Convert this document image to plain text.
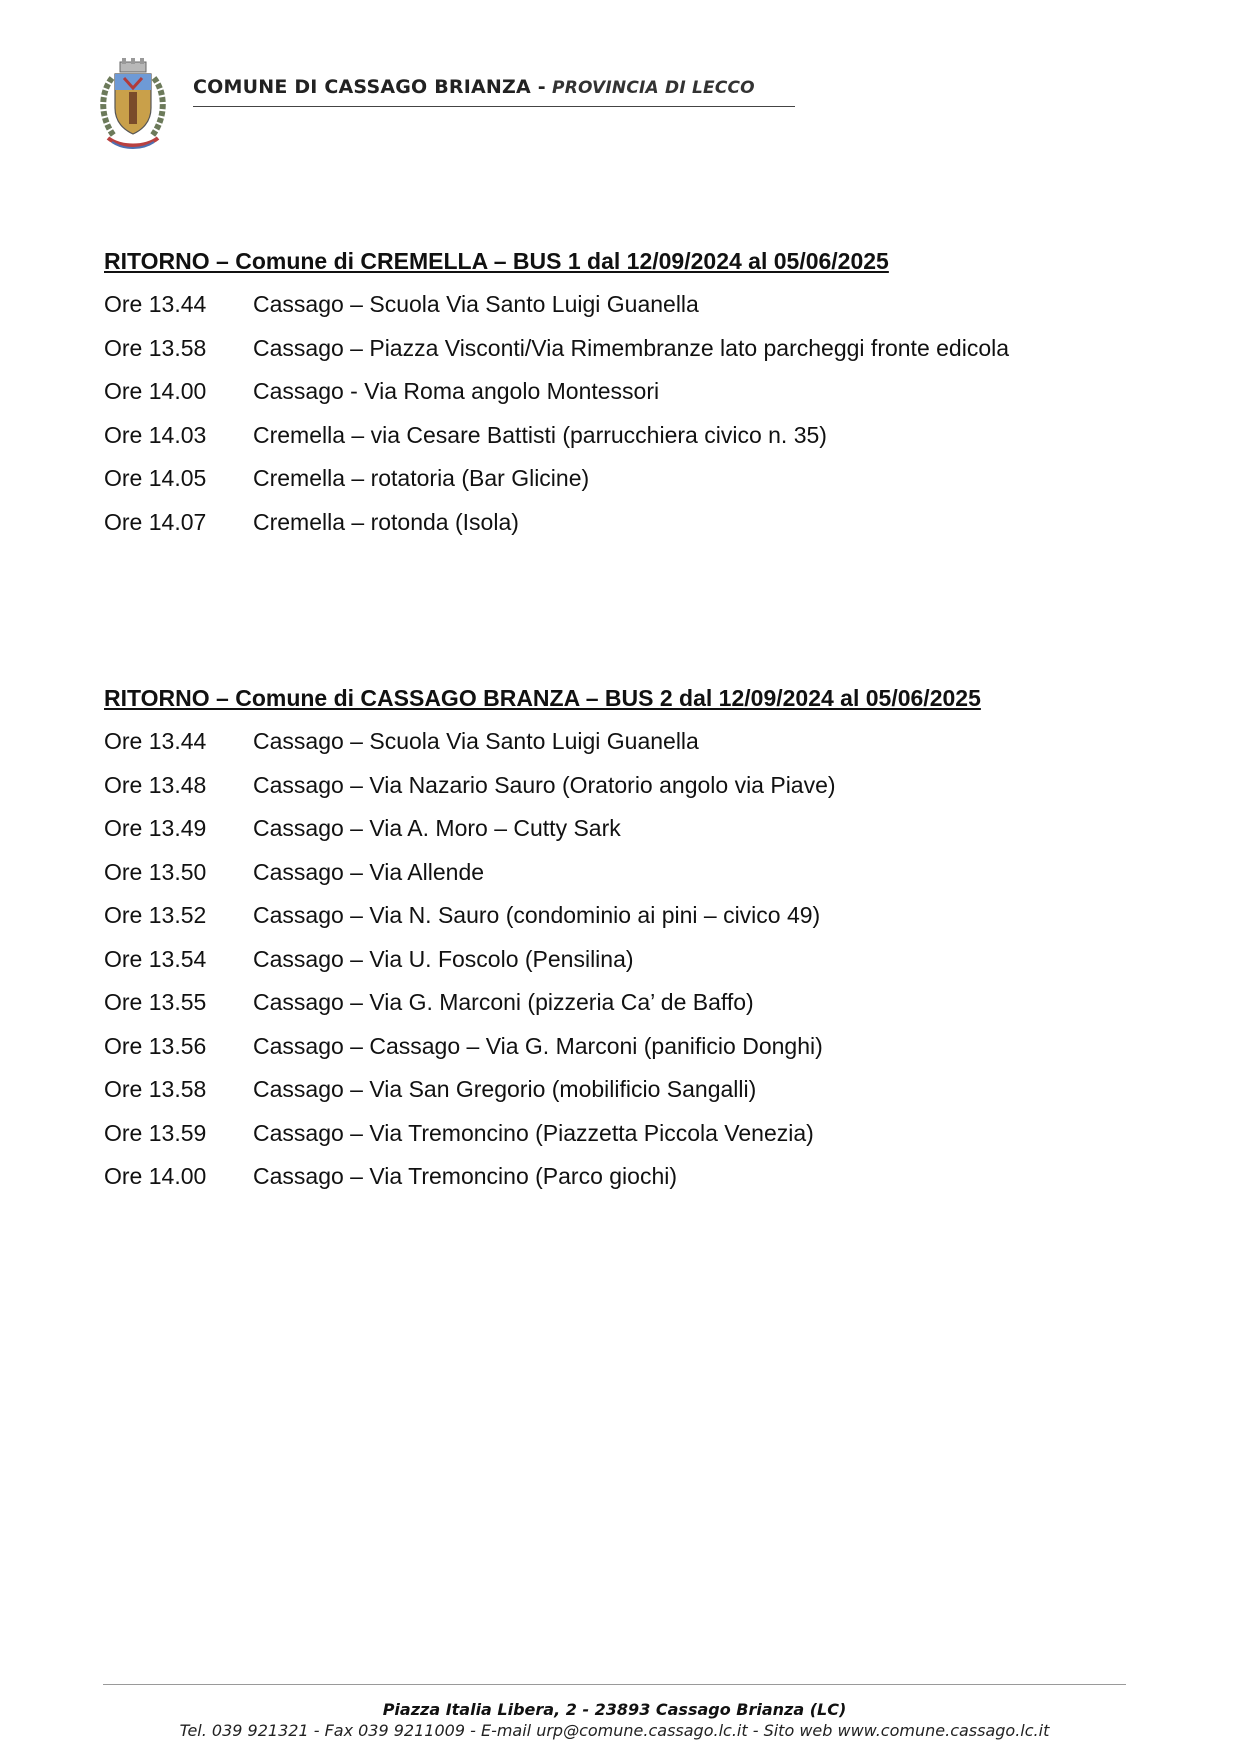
COMUNE DI CASSAGO BRIANZA - PROVINCIA DI LECCO
RITORNO – Comune di CREMELLA – BUS 1 dal 12/09/2024 al 05/06/2025
Ore 13.44	Cassago – Scuola Via Santo Luigi Guanella
Ore 13.58	Cassago – Piazza Visconti/Via Rimembranze lato parcheggi fronte edicola
Ore 14.00	Cassago - Via Roma angolo Montessori
Ore 14.03	Cremella – via Cesare Battisti (parrucchiera civico n. 35)
Ore 14.05	Cremella – rotatoria (Bar Glicine)
Ore 14.07	Cremella – rotonda (Isola)
RITORNO – Comune di CASSAGO BRANZA – BUS 2 dal 12/09/2024 al 05/06/2025
Ore 13.44	Cassago – Scuola Via Santo Luigi Guanella
Ore 13.48	Cassago – Via Nazario Sauro (Oratorio angolo via Piave)
Ore 13.49	Cassago – Via A. Moro – Cutty Sark
Ore 13.50	Cassago – Via Allende
Ore 13.52	Cassago – Via N. Sauro (condominio ai pini – civico 49)
Ore 13.54	Cassago – Via U. Foscolo (Pensilina)
Ore 13.55	Cassago – Via G. Marconi (pizzeria Ca’ de Baffo)
Ore 13.56	Cassago – Cassago – Via G. Marconi (panificio Donghi)
Ore 13.58	Cassago – Via San Gregorio (mobilificio Sangalli)
Ore 13.59	Cassago – Via Tremoncino (Piazzetta Piccola Venezia)
Ore 14.00	Cassago – Via Tremoncino (Parco giochi)
Piazza Italia Libera, 2 - 23893 Cassago Brianza (LC)
Tel. 039 921321 - Fax 039 9211009 - E-mail urp@comune.cassago.lc.it - Sito web www.comune.cassago.lc.it
